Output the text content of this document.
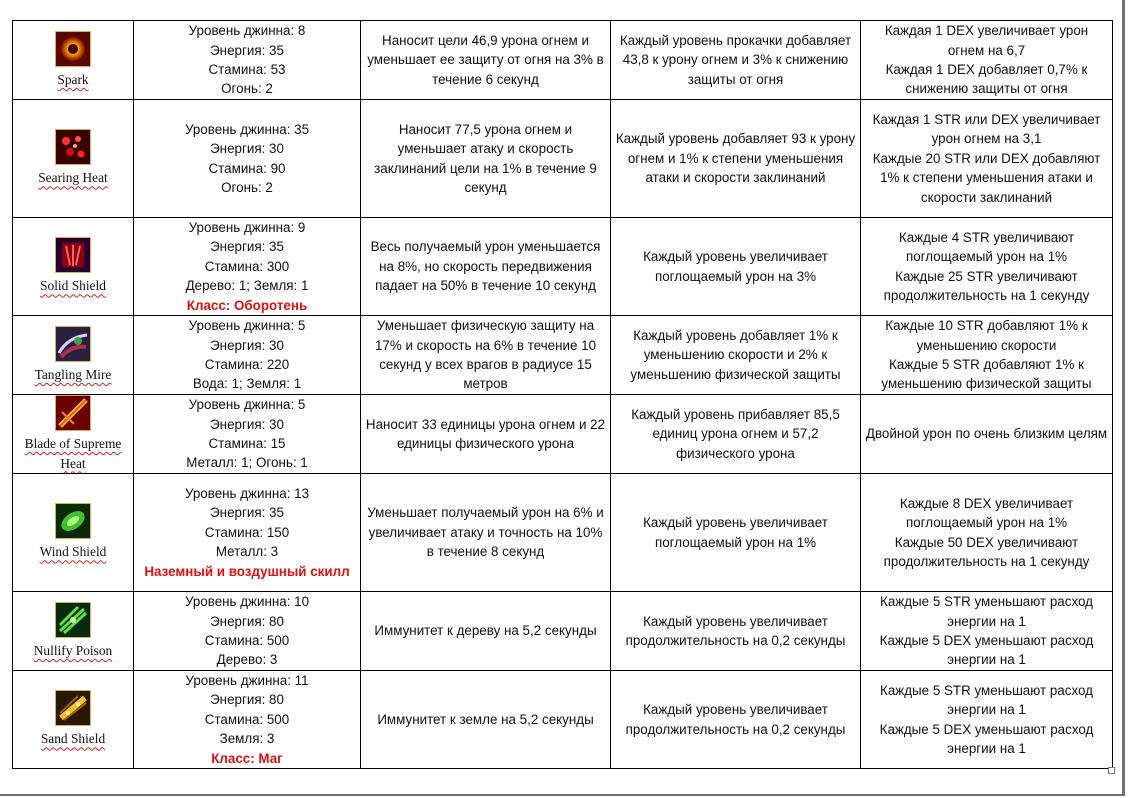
Spark	Уровень джинна: 8
Энергия: 35
Стамина: 53
Огонь: 2	Наносит цели 46,9 урона огнем и уменьшает ее защиту от огня на 3% в течение 6 секунд	Каждый уровень прокачки добавляет 43,8 к урону огнем и 3% к снижению защиты от огня	Каждая 1 DEX увеличивает урон огнем на 6,7
Каждая 1 DEX добавляет 0,7% к снижению защиты от огня

Searing Heat	Уровень джинна: 35
Энергия: 30
Стамина: 90
Огонь: 2	Наносит 77,5 урона огнем и уменьшает атаку и скорость заклинаний цели на 1% в течение 9 секунд	Каждый уровень добавляет 93 к урону огнем и 1% к степени уменьшения атаки и скорости заклинаний	Каждая 1 STR или DEX увеличивает урон огнем на 3,1
Каждые 20 STR или DEX добавляют 1% к степени уменьшения атаки и скорости заклинаний

Solid Shield	Уровень джинна: 9
Энергия: 35
Стамина: 300
Дерево: 1; Земля: 1
Класс: Оборотень	Весь получаемый урон уменьшается на 8%, но скорость передвижения падает на 50% в течение 10 секунд	Каждый уровень увеличивает поглощаемый урон на 3%	Каждые 4 STR увеличивают поглощаемый урон на 1%
Каждые 25 STR увеличивают продолжительность на 1 секунду

Tangling Mire	Уровень джинна: 5
Энергия: 30
Стамина: 220
Вода: 1; Земля: 1	Уменьшает физическую защиту на 17% и скорость на 6% в течение 10 секунд у всех врагов в радиусе 15 метров	Каждый уровень добавляет 1% к уменьшению скорости и 2% к уменьшению физической защиты	Каждые 10 STR добавляют 1% к уменьшению скорости
Каждые 5 STR добавляют 1% к уменьшению физической защиты

Blade of Supreme Heat	Уровень джинна: 5
Энергия: 30
Стамина: 15
Металл: 1; Огонь: 1	Наносит 33 единицы урона огнем и 22 единицы физического урона	Каждый уровень прибавляет 85,5 единиц урона огнем и 57,2 физического урона	Двойной урон по очень близким целям

Wind Shield	Уровень джинна: 13
Энергия: 35
Стамина: 150
Металл: 3
Наземный и воздушный скилл	Уменьшает получаемый урон на 6% и увеличивает атаку и точность на 10% в течение 8 секунд	Каждый уровень увеличивает поглощаемый урон на 1%	Каждые 8 DEX увеличивает поглощаемый урон на 1%
Каждые 50 DEX увеличивают продолжительность на 1 секунду

Nullify Poison	Уровень джинна: 10
Энергия: 80
Стамина: 500
Дерево: 3	Иммунитет к дереву на 5,2 секунды	Каждый уровень увеличивает продолжительность на 0,2 секунды	Каждые 5 STR уменьшают расход энергии на 1
Каждые 5 DEX уменьшают расход энергии на 1

Sand Shield	Уровень джинна: 11
Энергия: 80
Стамина: 500
Земля: 3
Класс: Маг	Иммунитет к земле на 5,2 секунды	Каждый уровень увеличивает продолжительность на 0,2 секунды	Каждые 5 STR уменьшают расход энергии на 1
Каждые 5 DEX уменьшают расход энергии на 1
